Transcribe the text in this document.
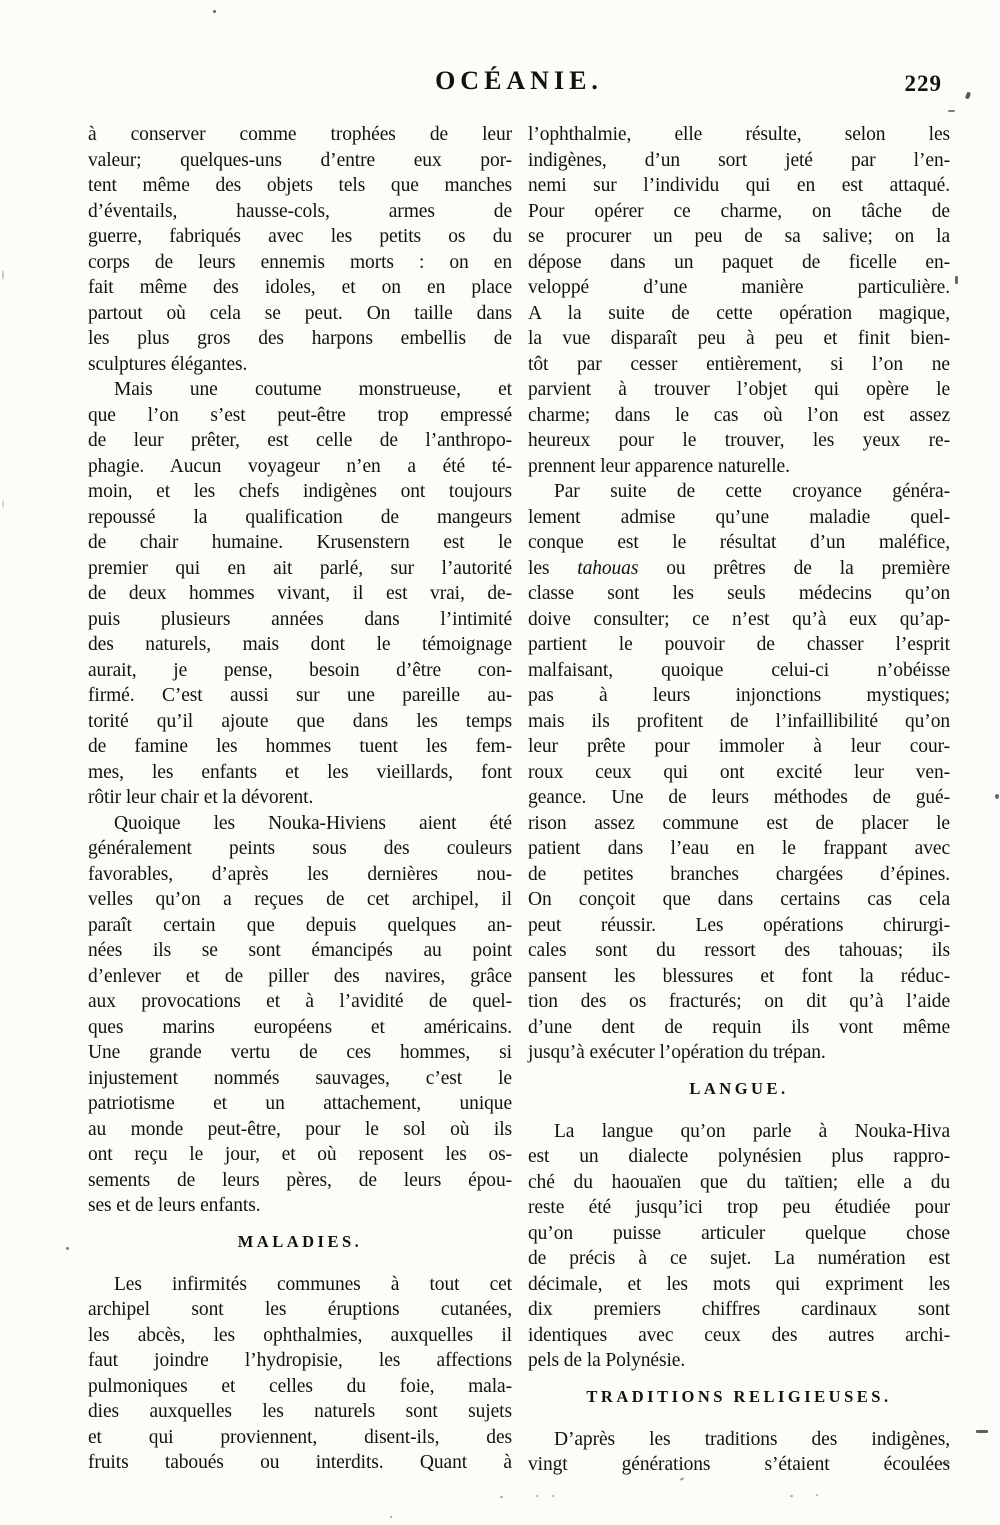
OCÉANIE.	229
à conserver comme trophées de leur
valeur; quelques-uns d’entre eux por-
tent même des objets tels que manches
d’éventails, hausse-cols, armes de
guerre, fabriqués avec les petits os du
corps de leurs ennemis morts : on en
fait même des idoles, et on en place
partout où cela se peut. On taille dans
les plus gros des harpons embellis de
sculptures élégantes.
Mais une coutume monstrueuse, et
que l’on s’est peut-être trop empressé
de leur prêter, est celle de l’anthropo-
phagie. Aucun voyageur n’en a été té-
moin, et les chefs indigènes ont toujours
repoussé la qualification de mangeurs
de chair humaine. Krusenstern est le
premier qui en ait parlé, sur l’autorité
de deux hommes vivant, il est vrai, de-
puis plusieurs années dans l’intimité
des naturels, mais dont le témoignage
aurait, je pense, besoin d’être con-
firmé. C’est aussi sur une pareille au-
torité qu’il ajoute que dans les temps
de famine les hommes tuent les fem-
mes, les enfants et les vieillards, font
rôtir leur chair et la dévorent.
Quoique les Nouka-Hiviens aient été
généralement peints sous des couleurs
favorables, d’après les dernières nou-
velles qu’on a reçues de cet archipel, il
paraît certain que depuis quelques an-
nées ils se sont émancipés au point
d’enlever et de piller des navires, grâce
aux provocations et à l’avidité de quel-
ques marins européens et américains.
Une grande vertu de ces hommes, si
injustement nommés sauvages, c’est le
patriotisme et un attachement, unique
au monde peut-être, pour le sol où ils
ont reçu le jour, et où reposent les os-
sements de leurs pères, de leurs épou-
ses et de leurs enfants.
MALADIES.
Les infirmités communes à tout cet
archipel sont les éruptions cutanées,
les abcès, les ophthalmies, auxquelles il
faut joindre l’hydropisie, les affections
pulmoniques et celles du foie, mala-
dies auxquelles les naturels sont sujets
et qui proviennent, disent-ils, des
fruits taboués ou interdits. Quant à
l’ophthalmie, elle résulte, selon les
indigènes, d’un sort jeté par l’en-
nemi sur l’individu qui en est attaqué.
Pour opérer ce charme, on tâche de
se procurer un peu de sa salive; on la
dépose dans un paquet de ficelle en-
veloppé d’une manière particulière.
A la suite de cette opération magique,
la vue disparaît peu à peu et finit bien-
tôt par cesser entièrement, si l’on ne
parvient à trouver l’objet qui opère le
charme; dans le cas où l’on est assez
heureux pour le trouver, les yeux re-
prennent leur apparence naturelle.
Par suite de cette croyance généra-
lement admise qu’une maladie quel-
conque est le résultat d’un maléfice,
les tahouas ou prêtres de la première
classe sont les seuls médecins qu’on
doive consulter; ce n’est qu’à eux qu’ap-
partient le pouvoir de chasser l’esprit
malfaisant, quoique celui-ci n’obéisse
pas à leurs injonctions mystiques;
mais ils profitent de l’infaillibilité qu’on
leur prête pour immoler à leur cour-
roux ceux qui ont excité leur ven-
geance. Une de leurs méthodes de gué-
rison assez commune est de placer le
patient dans l’eau en le frappant avec
de petites branches chargées d’épines.
On conçoit que dans certains cas cela
peut réussir. Les opérations chirurgi-
cales sont du ressort des tahouas; ils
pansent les blessures et font la réduc-
tion des os fracturés; on dit qu’à l’aide
d’une dent de requin ils vont même
jusqu’à exécuter l’opération du trépan.
LANGUE.
La langue qu’on parle à Nouka-Hiva
est un dialecte polynésien plus rappro-
ché du haouaïen que du taïtien; elle a du
reste été jusqu’ici trop peu étudiée pour
qu’on puisse articuler quelque chose
de précis à ce sujet. La numération est
décimale, et les mots qui expriment les
dix premiers chiffres cardinaux sont
identiques avec ceux des autres archi-
pels de la Polynésie.
TRADITIONS RELIGIEUSES.
D’après les traditions des indigènes,
vingt générations s’étaient écoulées
